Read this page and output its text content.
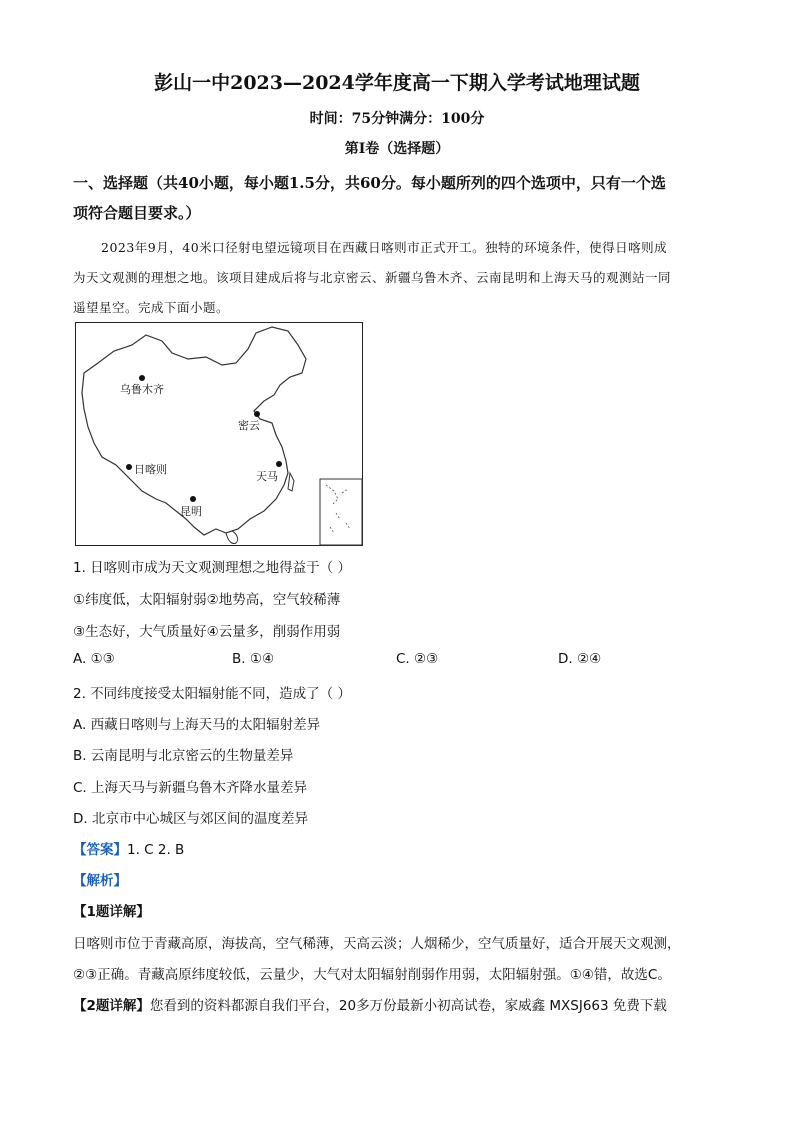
彭山一中2023—2024学年度高一下期入学考试地理试题
时间：75分钟满分：100分
第Ⅰ卷（选择题）
一、选择题（共40小题，每小题1.5分，共60分。每小题所列的四个选项中，只有一个选
项符合题目要求。）
2023年9月，40米口径射电望远镜项目在西藏日喀则市正式开工。独特的环境条件，使得日喀则成
为天文观测的理想之地。该项目建成后将与北京密云、新疆乌鲁木齐、云南昆明和上海天马的观测站一同
遥望星空。完成下面小题。
乌鲁木齐
密云
日喀则
天马
昆明
1. 日喀则市成为天文观测理想之地得益于（ ）
①纬度低，太阳辐射弱②地势高，空气较稀薄
③生态好，大气质量好④云量多，削弱作用弱
A. ①③	B. ①④	C. ②③	D. ②④
2. 不同纬度接受太阳辐射能不同，造成了（ ）
A. 西藏日喀则与上海天马的太阳辐射差异
B. 云南昆明与北京密云的生物量差异
C. 上海天马与新疆乌鲁木齐降水量差异
D. 北京市中心城区与郊区间的温度差异
【答案】1. C 2. B
【解析】
【1题详解】
日喀则市位于青藏高原，海拔高，空气稀薄，天高云淡；人烟稀少，空气质量好，适合开展天文观测，
②③正确。青藏高原纬度较低，云量少，大气对太阳辐射削弱作用弱，太阳辐射强。①④错，故选C。
【2题详解】您看到的资料都源自我们平台，20多万份最新小初高试卷，家威鑫 MXSJ663 免费下载
